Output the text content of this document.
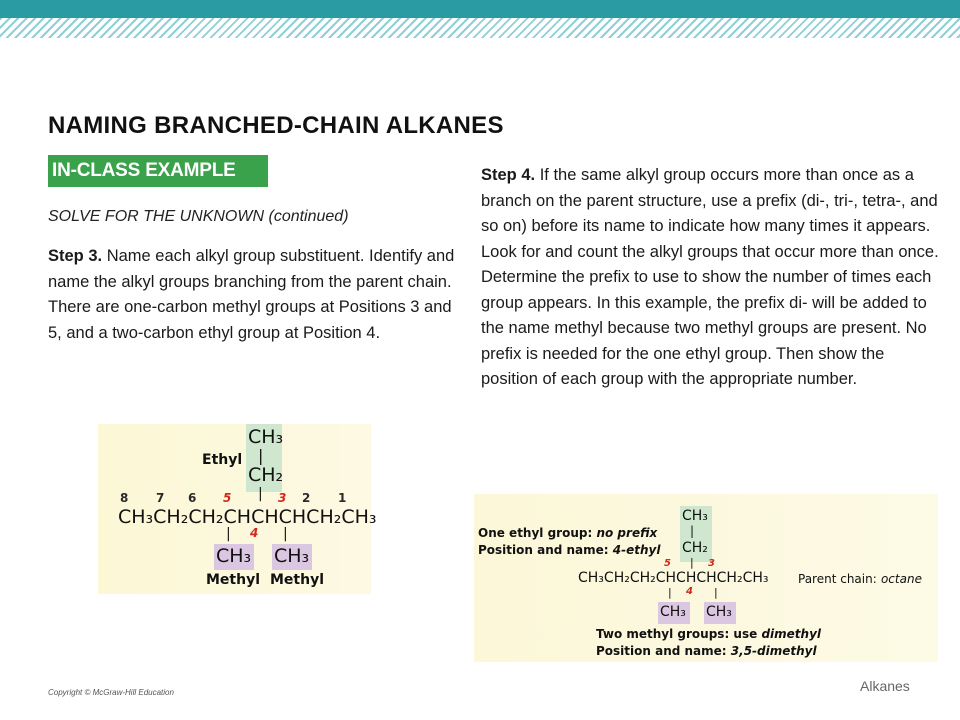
NAMING BRANCHED-CHAIN ALKANES
IN-CLASS EXAMPLE
SOLVE FOR THE UNKNOWN (continued)
Step 3. Name each alkyl group substituent. Identify and name the alkyl groups branching from the parent chain. There are one-carbon methyl groups at Positions 3 and 5, and a two-carbon ethyl group at Position 4.
Step 4. If the same alkyl group occurs more than once as a branch on the parent structure, use a prefix (di-, tri-, tetra-, and so on) before its name to indicate how many times it appears. Look for and count the alkyl groups that occur more than once. Determine the prefix to use to show the number of times each group appears. In this example, the prefix di- will be added to the name methyl because two methyl groups are present. No prefix is needed for the one ethyl group. Then show the position of each group with the appropriate number.
CH₃
|
CH₂
Ethyl
|
8 7 6 5
4
3 2 1
CH₃CH₂CH₂CHCHCHCH₂CH₃
|	|
CH₃ CH₃
Methyl Methyl
One ethyl group: no prefix
Position and name: 4-ethyl
CH₃
|
CH₂
|
5	3
CH₃CH₂CH₂CHCHCHCH₂CH₃ Parent chain: octane
4
|	|
CH₃ CH₃
Two methyl groups: use dimethyl
Position and name: 3,5-dimethyl
Copyright © McGraw-Hill Education	Alkanes
